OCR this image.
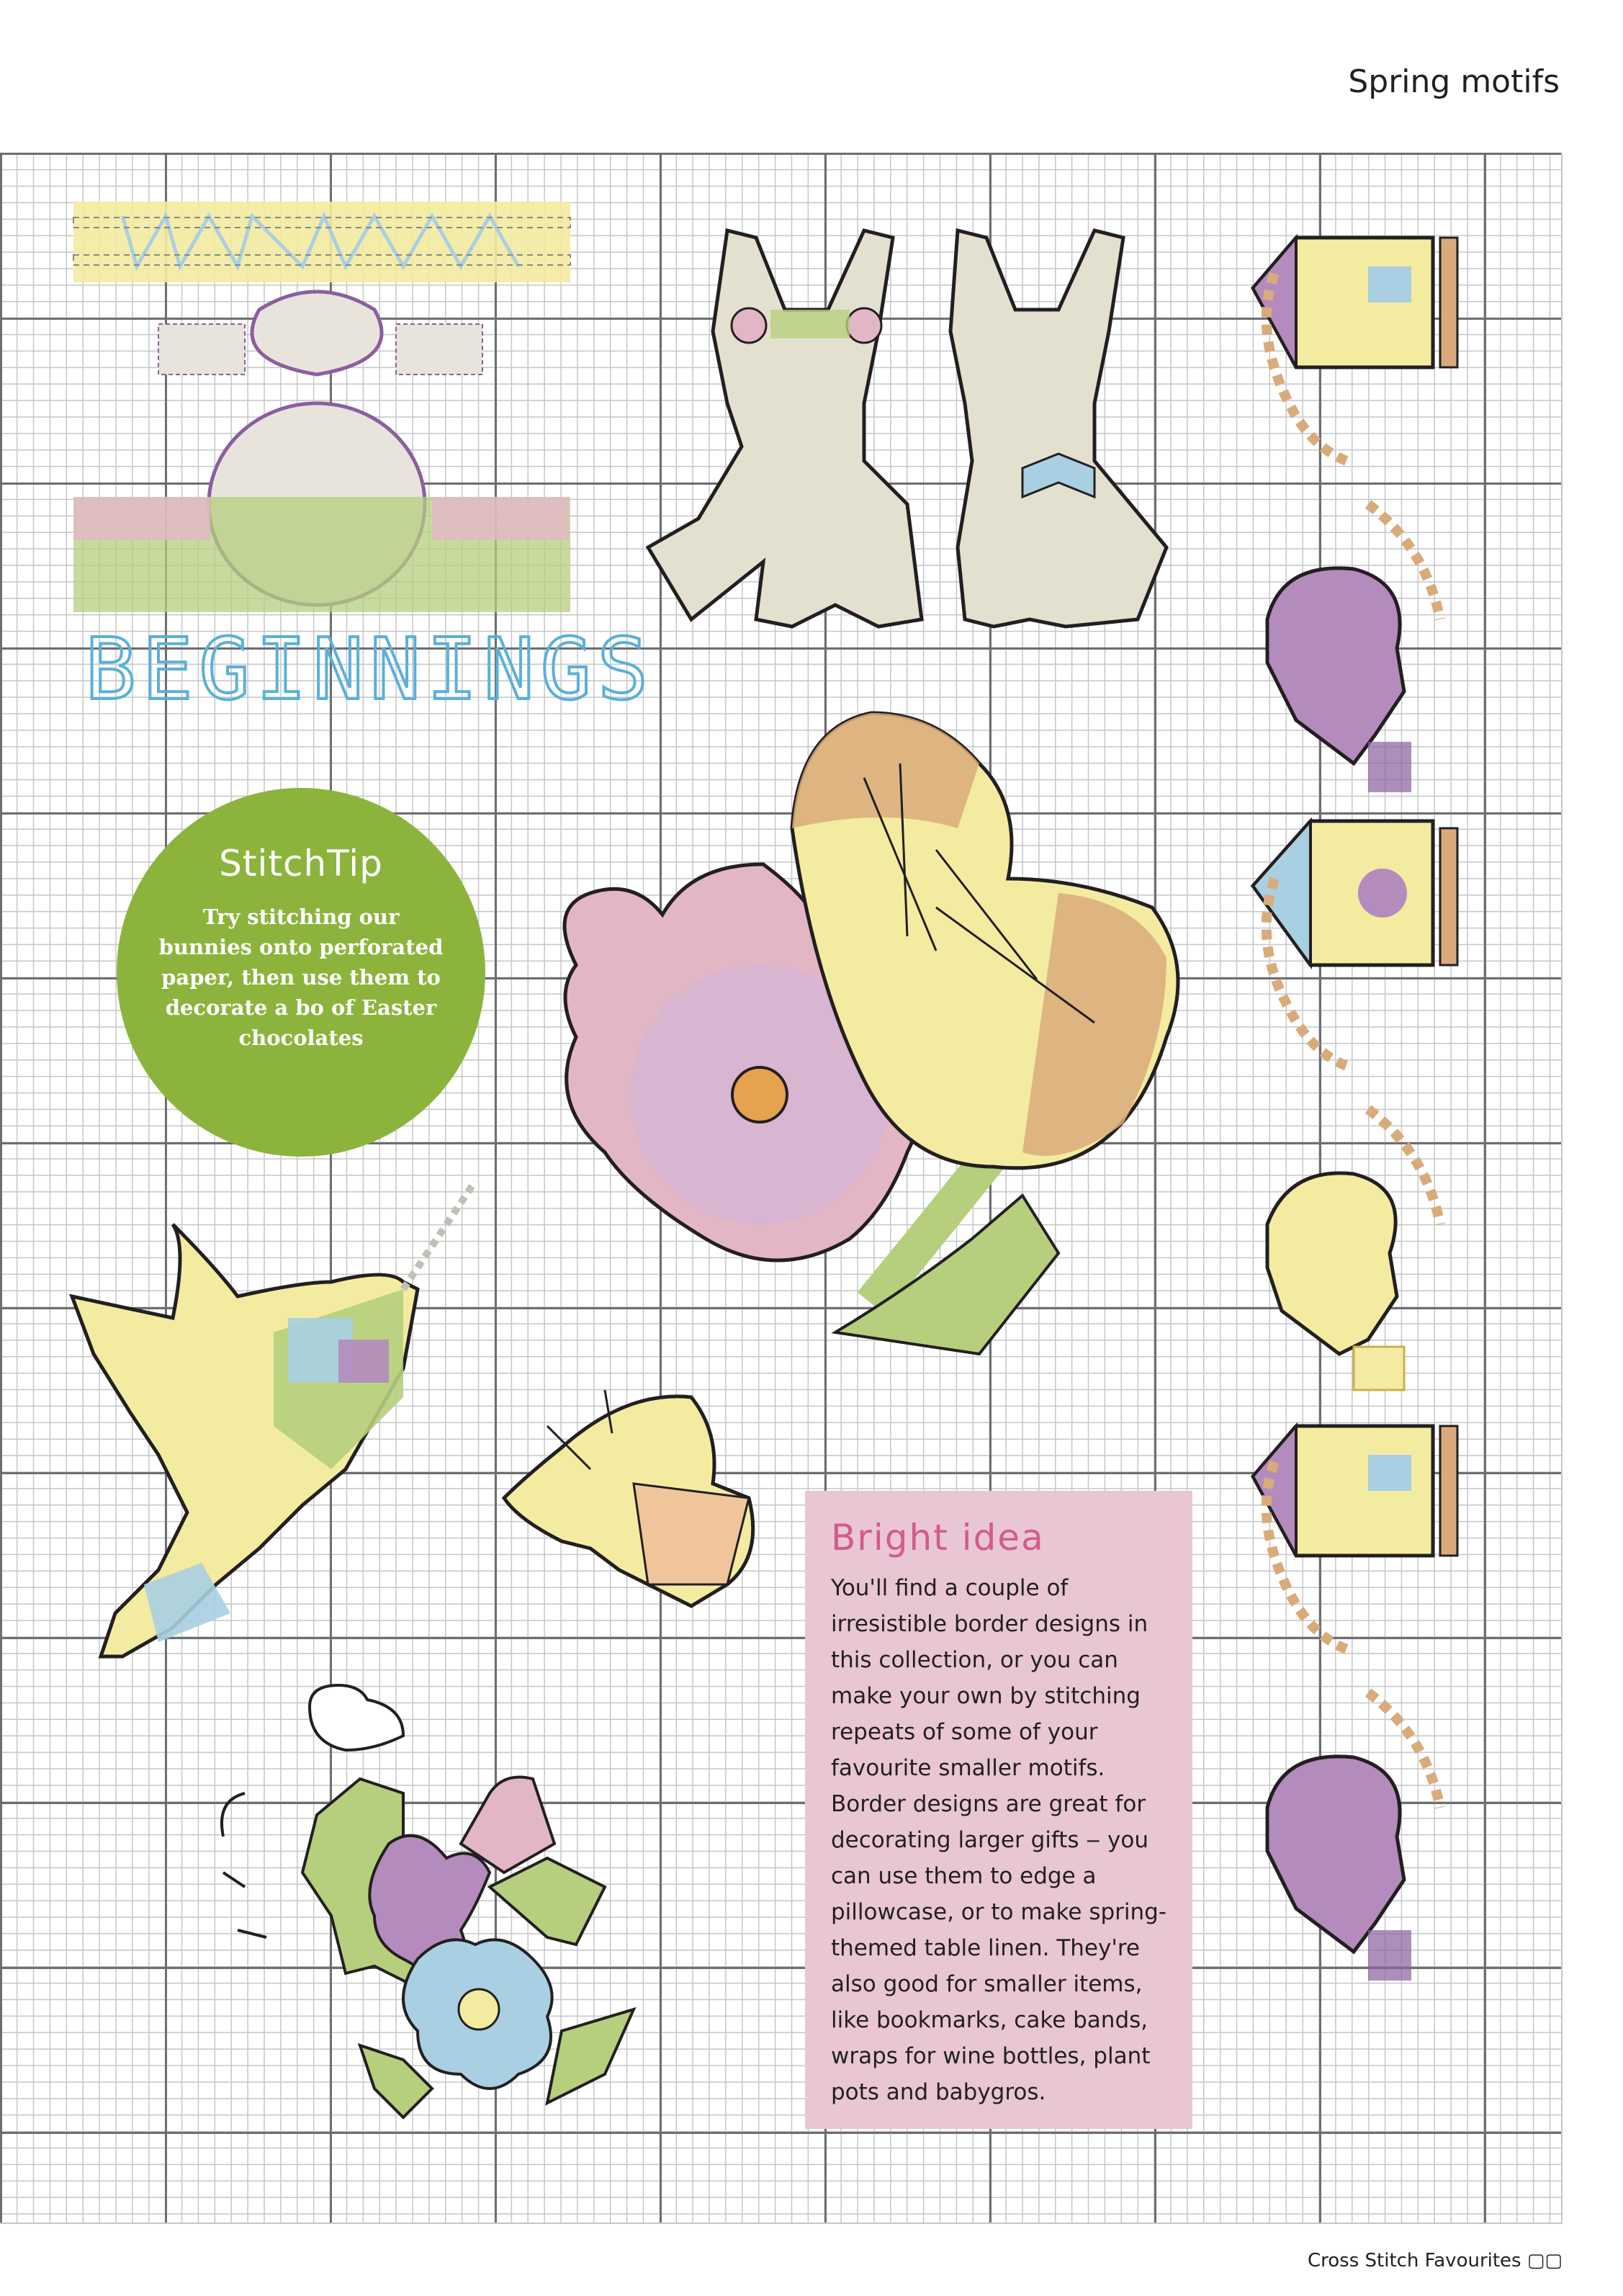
Spring motifs
BEGINNINGS
StitchTip
Try stitching our bunnies onto perforated paper, then use them to decorate a bo of Easter chocolates
Bright idea
You'll find a couple of
irresistible border designs in
this collection, or you can
make your own by stitching
repeats of some of your
favourite smaller motifs.
Border designs are great for
decorating larger gifts ‒ you
can use them to edge a
pillowcase, or to make spring-
themed table linen. They're
also good for smaller items,
like bookmarks, cake bands,
wraps for wine bottles, plant
pots and babygros.
Cross Stitch Favourites ▢▢
